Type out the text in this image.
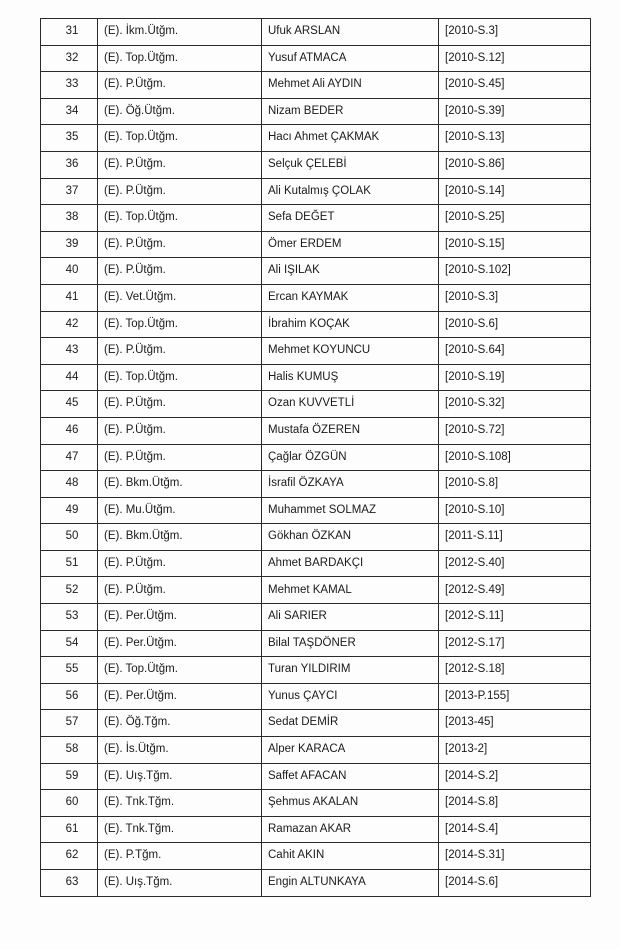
31	(E). İkm.Ütğm.	Ufuk ARSLAN	[2010-S.3]
32	(E). Top.Ütğm.	Yusuf ATMACA	[2010-S.12]
33	(E). P.Ütğm.	Mehmet Ali AYDIN	[2010-S.45]
34	(E). Öğ.Ütğm.	Nizam BEDER	[2010-S.39]
35	(E). Top.Ütğm.	Hacı Ahmet ÇAKMAK	[2010-S.13]
36	(E). P.Ütğm.	Selçuk ÇELEBİ	[2010-S.86]
37	(E). P.Ütğm.	Ali Kutalmış ÇOLAK	[2010-S.14]
38	(E). Top.Ütğm.	Sefa DEĞET	[2010-S.25]
39	(E). P.Ütğm.	Ömer ERDEM	[2010-S.15]
40	(E). P.Ütğm.	Ali IŞILAK	[2010-S.102]
41	(E). Vet.Ütğm.	Ercan KAYMAK	[2010-S.3]
42	(E). Top.Ütğm.	İbrahim KOÇAK	[2010-S.6]
43	(E). P.Ütğm.	Mehmet KOYUNCU	[2010-S.64]
44	(E). Top.Ütğm.	Halis KUMUŞ	[2010-S.19]
45	(E). P.Ütğm.	Ozan KUVVETLİ	[2010-S.32]
46	(E). P.Ütğm.	Mustafa ÖZEREN	[2010-S.72]
47	(E). P.Ütğm.	Çağlar ÖZGÜN	[2010-S.108]
48	(E). Bkm.Ütğm.	İsrafil ÖZKAYA	[2010-S.8]
49	(E). Mu.Ütğm.	Muhammet SOLMAZ	[2010-S.10]
50	(E). Bkm.Ütğm.	Gökhan ÖZKAN	[2011-S.11]
51	(E). P.Ütğm.	Ahmet BARDAKÇI	[2012-S.40]
52	(E). P.Ütğm.	Mehmet KAMAL	[2012-S.49]
53	(E). Per.Ütğm.	Ali SARIER	[2012-S.11]
54	(E). Per.Ütğm.	Bilal TAŞDÖNER	[2012-S.17]
55	(E). Top.Ütğm.	Turan YILDIRIM	[2012-S.18]
56	(E). Per.Ütğm.	Yunus ÇAYCI	[2013-P.155]
57	(E). Öğ.Tğm.	Sedat DEMİR	[2013-45]
58	(E). İs.Ütğm.	Alper KARACA	[2013-2]
59	(E). Uış.Tğm.	Saffet AFACAN	[2014-S.2]
60	(E). Tnk.Tğm.	Şehmus AKALAN	[2014-S.8]
61	(E). Tnk.Tğm.	Ramazan AKAR	[2014-S.4]
62	(E). P.Tğm.	Cahit AKIN	[2014-S.31]
63	(E). Uış.Tğm.	Engin ALTUNKAYA	[2014-S.6]
